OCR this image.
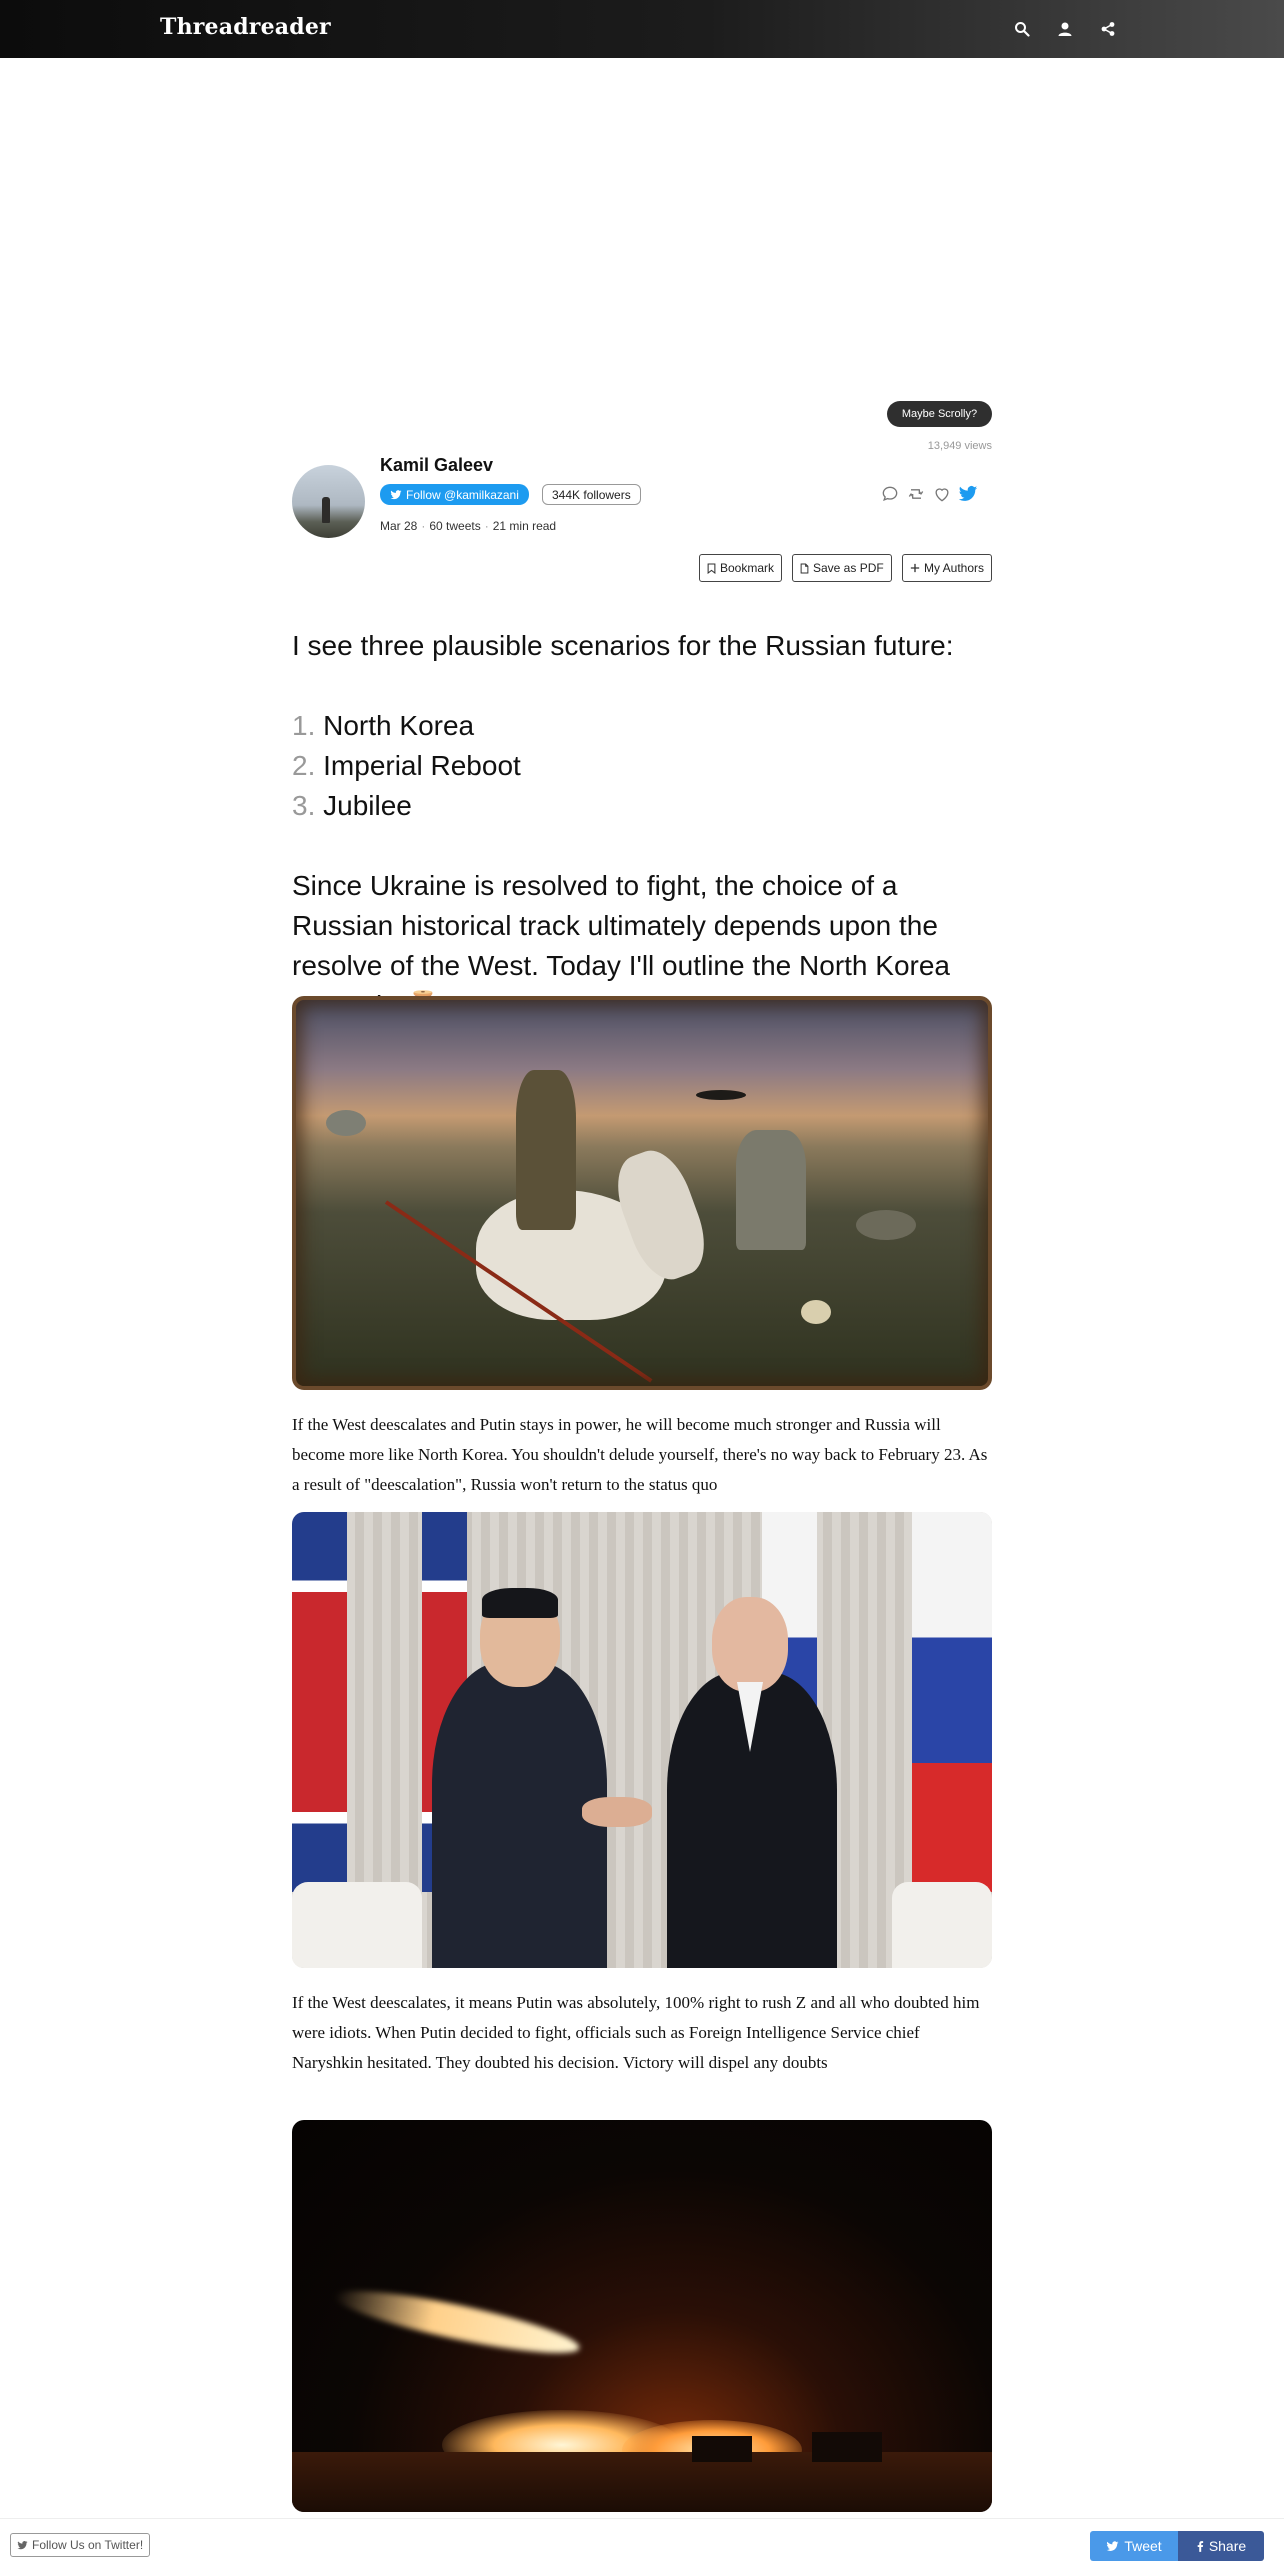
Threadreader
Maybe Scrolly?
13,949 views
Kamil Galeev
Follow @kamilkazani	344K followers
Mar 28 · 60 tweets · 21 min read
Bookmark	Save as PDF	My Authors
I see three plausible scenarios for the Russian future:
1. North Korea
2. Imperial Reboot
3. Jubilee
Since Ukraine is resolved to fight, the choice of a Russian historical track ultimately depends upon the resolve of the West. Today I'll outline the North Korea
If the West deescalates and Putin stays in power, he will become much stronger and Russia will become more like North Korea. You shouldn't delude yourself, there's no way back to February 23. As a result of "deescalation", Russia won't return to the status quo
If the West deescalates, it means Putin was absolutely, 100% right to rush Z and all who doubted him were idiots. When Putin decided to fight, officials such as Foreign Intelligence Service chief Naryshkin hesitated. They doubted his decision. Victory will dispel any doubts
Follow Us on Twitter!	Tweet	Share
